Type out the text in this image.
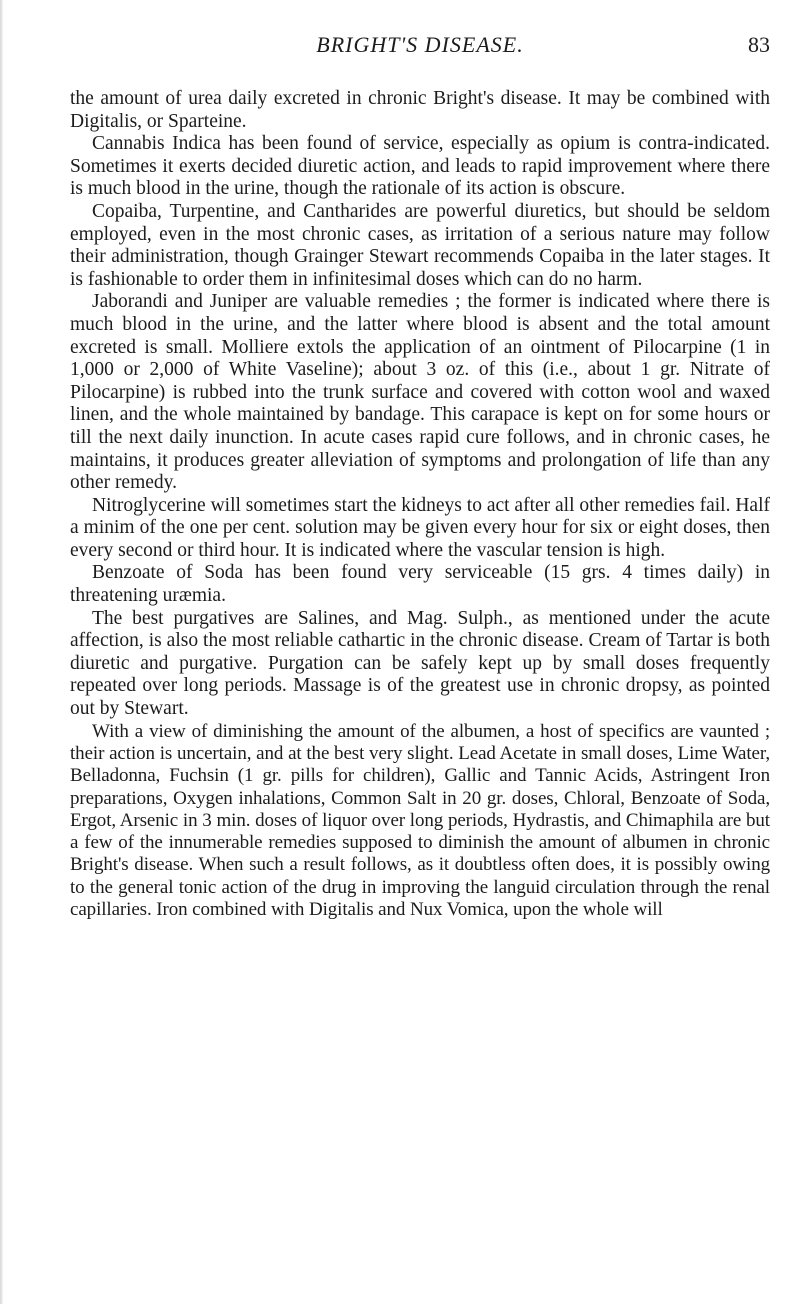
BRIGHT'S DISEASE.	83

the amount of urea daily excreted in chronic Bright's disease. It may be combined with Digitalis, or Sparteine.

Cannabis Indica has been found of service, especially as opium is contra-indicated. Sometimes it exerts decided diuretic action, and leads to rapid improvement where there is much blood in the urine, though the rationale of its action is obscure.

Copaiba, Turpentine, and Cantharides are powerful diuretics, but should be seldom employed, even in the most chronic cases, as irritation of a serious nature may follow their administration, though Grainger Stewart recommends Copaiba in the later stages. It is fashionable to order them in infinitesimal doses which can do no harm.

Jaborandi and Juniper are valuable remedies ; the former is indicated where there is much blood in the urine, and the latter where blood is absent and the total amount excreted is small. Molliere extols the application of an ointment of Pilocarpine (1 in 1,000 or 2,000 of White Vaseline); about 3 oz. of this (i.e., about 1 gr. Nitrate of Pilocarpine) is rubbed into the trunk surface and covered with cotton wool and waxed linen, and the whole maintained by bandage. This carapace is kept on for some hours or till the next daily inunction. In acute cases rapid cure follows, and in chronic cases, he maintains, it produces greater alleviation of symptoms and prolongation of life than any other remedy.

Nitroglycerine will sometimes start the kidneys to act after all other remedies fail. Half a minim of the one per cent. solution may be given every hour for six or eight doses, then every second or third hour. It is indicated where the vascular tension is high.

Benzoate of Soda has been found very serviceable (15 grs. 4 times daily) in threatening uræmia.

The best purgatives are Salines, and Mag. Sulph., as mentioned under the acute affection, is also the most reliable cathartic in the chronic disease. Cream of Tartar is both diuretic and purgative. Purgation can be safely kept up by small doses frequently repeated over long periods. Massage is of the greatest use in chronic dropsy, as pointed out by Stewart.

With a view of diminishing the amount of the albumen, a host of specifics are vaunted ; their action is uncertain, and at the best very slight. Lead Acetate in small doses, Lime Water, Belladonna, Fuchsin (1 gr. pills for children), Gallic and Tannic Acids, Astringent Iron preparations, Oxygen inhalations, Common Salt in 20 gr. doses, Chloral, Benzoate of Soda, Ergot, Arsenic in 3 min. doses of liquor over long periods, Hydrastis, and Chimaphila are but a few of the innumerable remedies supposed to diminish the amount of albumen in chronic Bright's disease. When such a result follows, as it doubtless often does, it is possibly owing to the general tonic action of the drug in improving the languid circulation through the renal capillaries. Iron combined with Digitalis and Nux Vomica, upon the whole will
